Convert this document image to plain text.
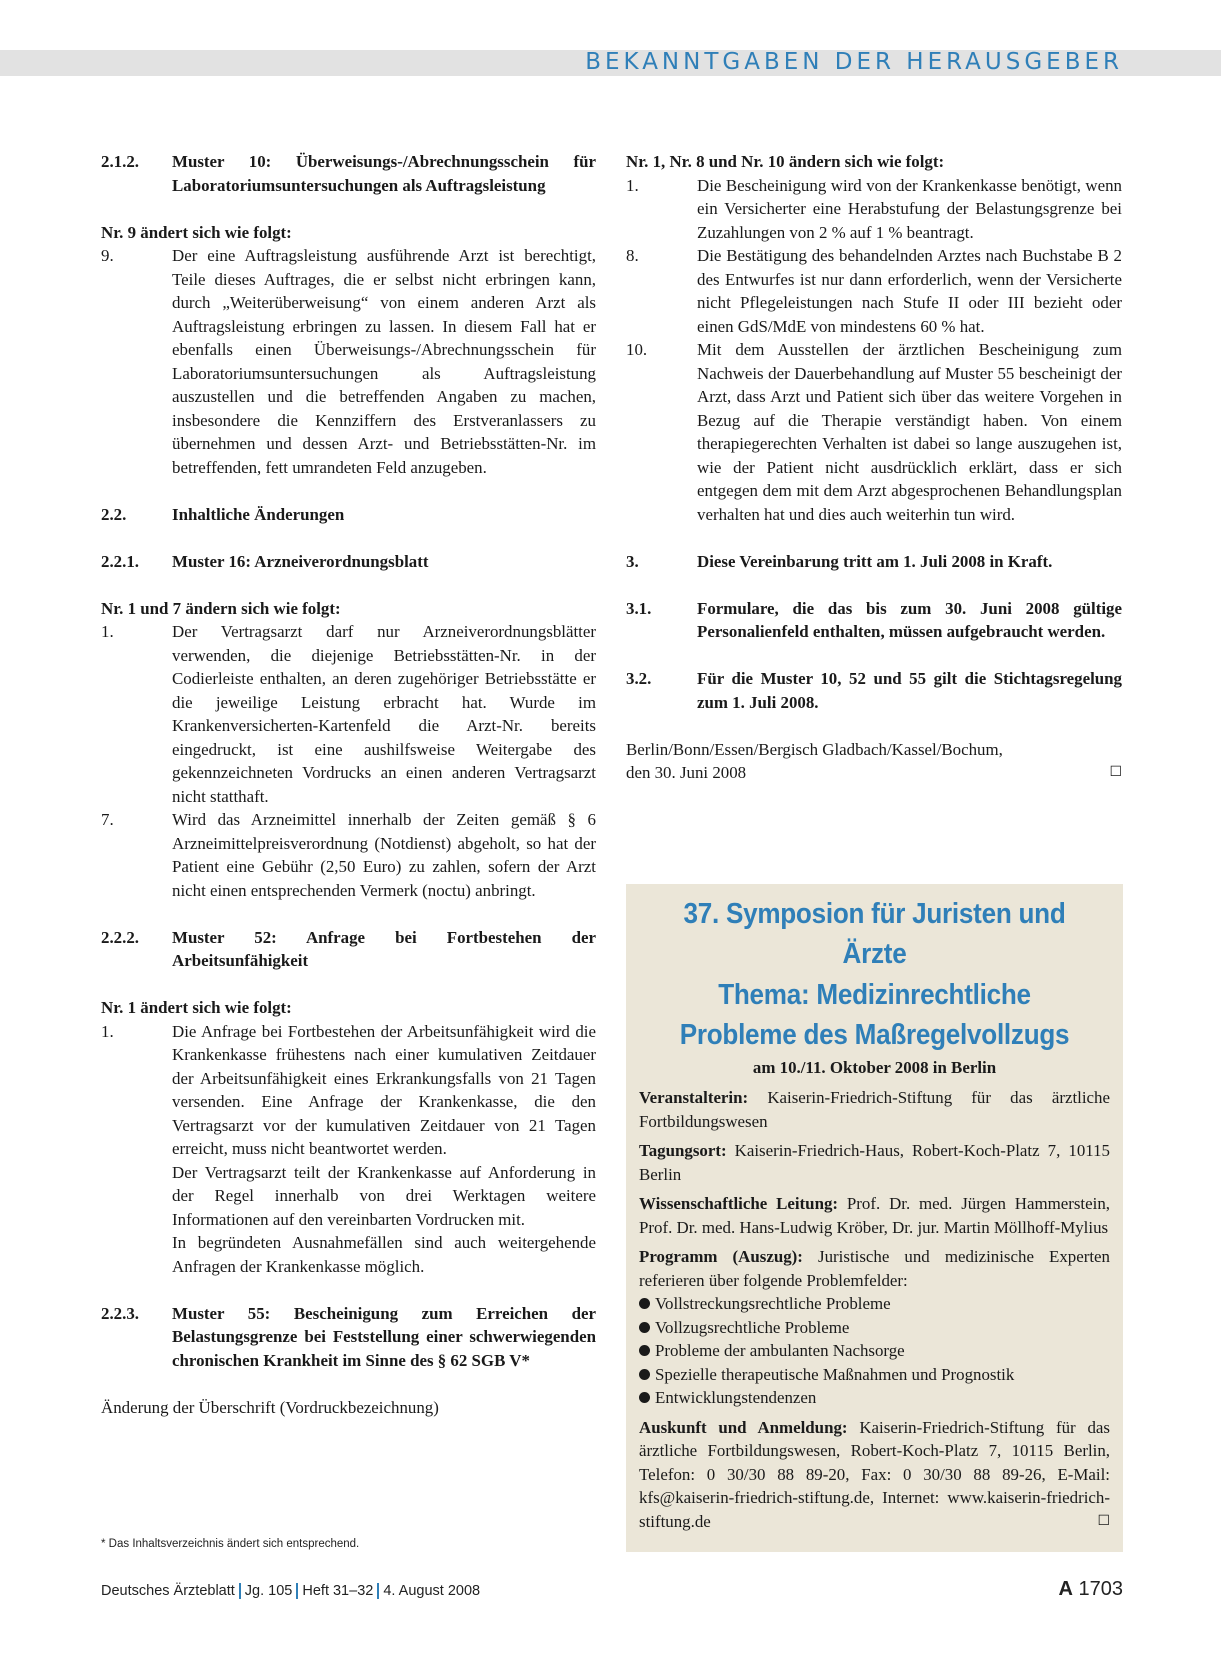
BEKANNTGABEN DER HERAUSGEBER
2.1.2.	Muster 10: Überweisungs-/Abrechnungsschein für Laboratoriumsuntersuchungen als Auftragsleistung
Nr. 9 ändert sich wie folgt:
9.	Der eine Auftragsleistung ausführende Arzt ist berechtigt, Teile dieses Auftrages, die er selbst nicht erbringen kann, durch „Weiterüberweisung“ von einem anderen Arzt als Auftragsleistung erbringen zu lassen. In diesem Fall hat er ebenfalls einen Überweisungs-/Abrechnungsschein für Laboratoriumsuntersuchungen als Auftragsleistung auszustellen und die betreffenden Angaben zu machen, insbesondere die Kennziffern des Erstveranlassers zu übernehmen und dessen Arzt- und Betriebsstätten-Nr. im betreffenden, fett umrandeten Feld anzugeben.
2.2.	Inhaltliche Änderungen
2.2.1.	Muster 16: Arzneiverordnungsblatt
Nr. 1 und 7 ändern sich wie folgt:
1.	Der Vertragsarzt darf nur Arzneiverordnungsblätter verwenden, die diejenige Betriebsstätten-Nr. in der Codierleiste enthalten, an deren zugehöriger Betriebsstätte er die jeweilige Leistung erbracht hat. Wurde im Krankenversicherten-Kartenfeld die Arzt-Nr. bereits eingedruckt, ist eine aushilfsweise Weitergabe des gekennzeichneten Vordrucks an einen anderen Vertragsarzt nicht statthaft.
7.	Wird das Arzneimittel innerhalb der Zeiten gemäß § 6 Arzneimittelpreisverordnung (Notdienst) abgeholt, so hat der Patient eine Gebühr (2,50 Euro) zu zahlen, sofern der Arzt nicht einen entsprechenden Vermerk (noctu) anbringt.
2.2.2.	Muster 52: Anfrage bei Fortbestehen der Arbeitsunfähigkeit
Nr. 1 ändert sich wie folgt:
1.	Die Anfrage bei Fortbestehen der Arbeitsunfähigkeit wird die Krankenkasse frühestens nach einer kumulativen Zeitdauer der Arbeitsunfähigkeit eines Erkrankungsfalls von 21 Tagen versenden. Eine Anfrage der Krankenkasse, die den Vertragsarzt vor der kumulativen Zeitdauer von 21 Tagen erreicht, muss nicht beantwortet werden.
Der Vertragsarzt teilt der Krankenkasse auf Anforderung in der Regel innerhalb von drei Werktagen weitere Informationen auf den vereinbarten Vordrucken mit.
In begründeten Ausnahmefällen sind auch weitergehende Anfragen der Krankenkasse möglich.
2.2.3.	Muster 55: Bescheinigung zum Erreichen der Belastungsgrenze bei Feststellung einer schwerwiegenden chronischen Krankheit im Sinne des § 62 SGB V*
Änderung der Überschrift (Vordruckbezeichnung)
Nr. 1, Nr. 8 und Nr. 10 ändern sich wie folgt:
1.	Die Bescheinigung wird von der Krankenkasse benötigt, wenn ein Versicherter eine Herabstufung der Belastungsgrenze bei Zuzahlungen von 2 % auf 1 % beantragt.
8.	Die Bestätigung des behandelnden Arztes nach Buchstabe B 2 des Entwurfes ist nur dann erforderlich, wenn der Versicherte nicht Pflegeleistungen nach Stufe II oder III bezieht oder einen GdS/MdE von mindestens 60 % hat.
10.	Mit dem Ausstellen der ärztlichen Bescheinigung zum Nachweis der Dauerbehandlung auf Muster 55 bescheinigt der Arzt, dass Arzt und Patient sich über das weitere Vorgehen in Bezug auf die Therapie verständigt haben. Von einem therapiegerechten Verhalten ist dabei so lange auszugehen ist, wie der Patient nicht ausdrücklich erklärt, dass er sich entgegen dem mit dem Arzt abgesprochenen Behandlungsplan verhalten hat und dies auch weiterhin tun wird.
3.	Diese Vereinbarung tritt am 1. Juli 2008 in Kraft.
3.1.	Formulare, die das bis zum 30. Juni 2008 gültige Personalienfeld enthalten, müssen aufgebraucht werden.
3.2.	Für die Muster 10, 52 und 55 gilt die Stichtagsregelung zum 1. Juli 2008.
Berlin/Bonn/Essen/Bergisch Gladbach/Kassel/Bochum,
den 30. Juni 2008	☐
37. Symposion für Juristen und Ärzte
Thema: Medizinrechtliche
Probleme des Maßregelvollzugs
am 10./11. Oktober 2008 in Berlin
Veranstalterin: Kaiserin-Friedrich-Stiftung für das ärztliche Fortbildungswesen
Tagungsort: Kaiserin-Friedrich-Haus, Robert-Koch-Platz 7, 10115 Berlin
Wissenschaftliche Leitung: Prof. Dr. med. Jürgen Hammerstein, Prof. Dr. med. Hans-Ludwig Kröber, Dr. jur. Martin Möllhoff-Mylius
Programm (Auszug): Juristische und medizinische Experten referieren über folgende Problemfelder:
Vollstreckungsrechtliche Probleme
Vollzugsrechtliche Probleme
Probleme der ambulanten Nachsorge
Spezielle therapeutische Maßnahmen und Prognostik
Entwicklungstendenzen
Auskunft und Anmeldung: Kaiserin-Friedrich-Stiftung für das ärztliche Fortbildungswesen, Robert-Koch-Platz 7, 10115 Berlin, Telefon: 0 30/30 88 89-20, Fax: 0 30/30 88 89-26, E-Mail: kfs@kaiserin-friedrich-stiftung.de, Internet: www.kaiserin-friedrich-stiftung.de	☐
* Das Inhaltsverzeichnis ändert sich entsprechend.
Deutsches Ärzteblatt Jg. 105 Heft 31–32 4. August 2008	A 1703
